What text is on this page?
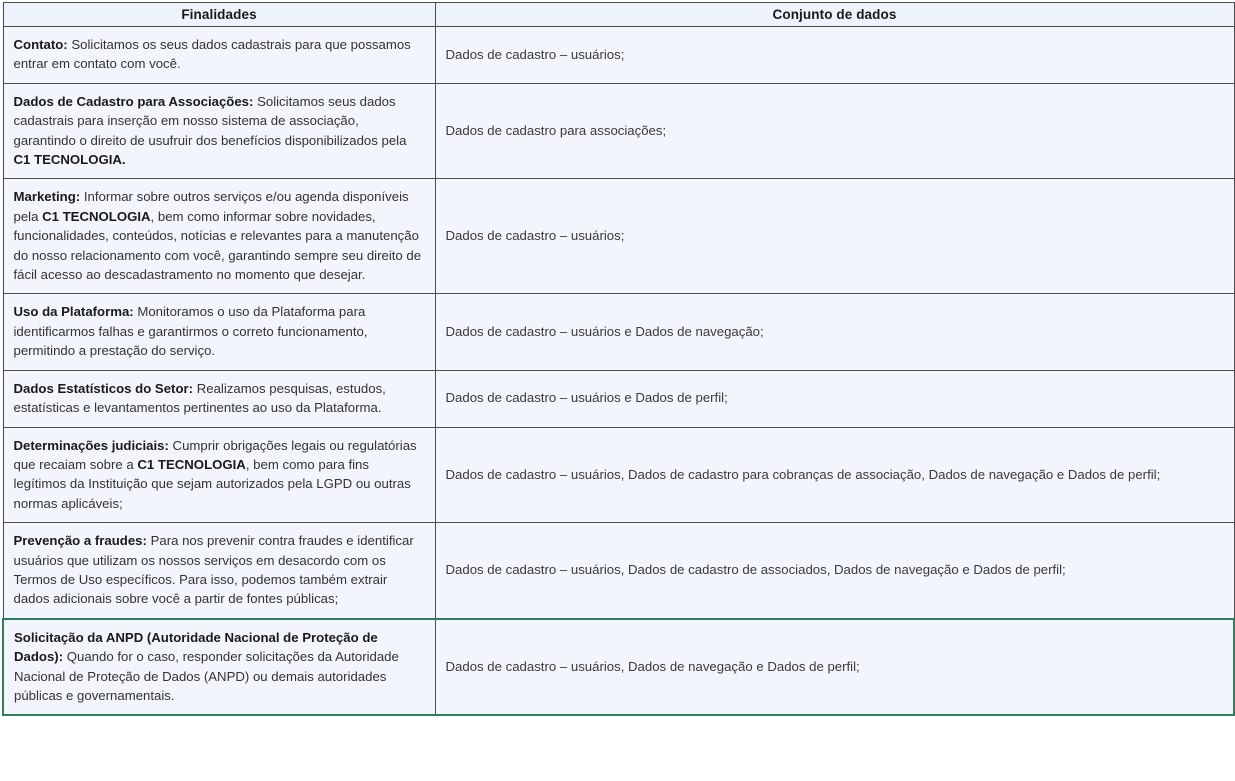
Finalidades	Conjunto de dados
Contato: Solicitamos os seus dados cadastrais para que possamos entrar em contato com você.	Dados de cadastro – usuários;
Dados de Cadastro para Associações: Solicitamos seus dados cadastrais para inserção em nosso sistema de associação, garantindo o direito de usufruir dos benefícios disponibilizados pela C1 TECNOLOGIA.	Dados de cadastro para associações;
Marketing: Informar sobre outros serviços e/ou agenda disponíveis pela C1 TECNOLOGIA, bem como informar sobre novidades, funcionalidades, conteúdos, notícias e relevantes para a manutenção do nosso relacionamento com você, garantindo sempre seu direito de fácil acesso ao descadastramento no momento que desejar.	Dados de cadastro – usuários;
Uso da Plataforma: Monitoramos o uso da Plataforma para identificarmos falhas e garantirmos o correto funcionamento, permitindo a prestação do serviço.	Dados de cadastro – usuários e Dados de navegação;
Dados Estatísticos do Setor: Realizamos pesquisas, estudos, estatísticas e levantamentos pertinentes ao uso da Plataforma.	Dados de cadastro – usuários e Dados de perfil;
Determinações judiciais: Cumprir obrigações legais ou regulatórias que recaiam sobre a C1 TECNOLOGIA, bem como para fins legítimos da Instituição que sejam autorizados pela LGPD ou outras normas aplicáveis;	Dados de cadastro – usuários, Dados de cadastro para cobranças de associação, Dados de navegação e Dados de perfil;
Prevenção a fraudes: Para nos prevenir contra fraudes e identificar usuários que utilizam os nossos serviços em desacordo com os Termos de Uso específicos. Para isso, podemos também extrair dados adicionais sobre você a partir de fontes públicas;	Dados de cadastro – usuários, Dados de cadastro de associados, Dados de navegação e Dados de perfil;
Solicitação da ANPD (Autoridade Nacional de Proteção de Dados): Quando for o caso, responder solicitações da Autoridade Nacional de Proteção de Dados (ANPD) ou demais autoridades públicas e governamentais.	Dados de cadastro – usuários, Dados de navegação e Dados de perfil;
